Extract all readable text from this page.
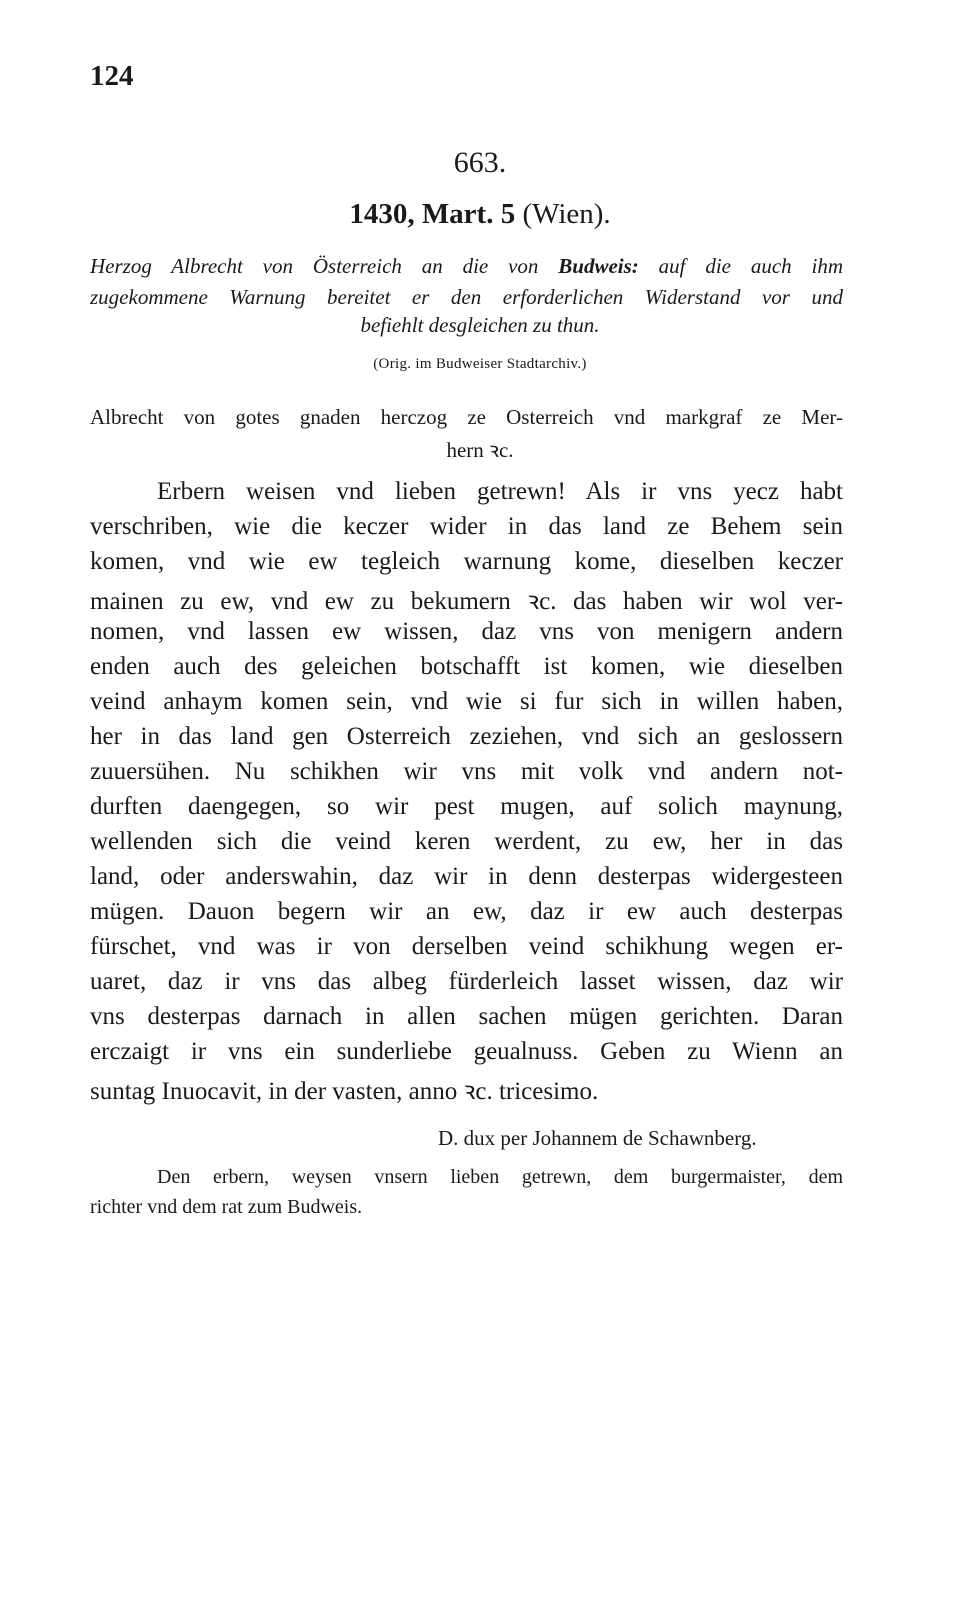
124
663.
1430, Mart. 5 (Wien).
Herzog Albrecht von Österreich an die von Budweis: auf die auch ihm
zugekommene Warnung bereitet er den erforderlichen Widerstand vor und
befiehlt desgleichen zu thun.
(Orig. im Budweiser Stadtarchiv.)
Albrecht von gotes gnaden herczog ze Osterreich vnd markgraf ze Mer-
hern ꝛc.
Erbern weisen vnd lieben getrewn! Als ir vns yecz habt
verschriben, wie die keczer wider in das land ze Behem sein
komen, vnd wie ew tegleich warnung kome, dieselben keczer
mainen zu ew, vnd ew zu bekumern ꝛc. das haben wir wol ver-
nomen, vnd lassen ew wissen, daz vns von menigern andern
enden auch des geleichen botschafft ist komen, wie dieselben
veind anhaym komen sein, vnd wie si fur sich in willen haben,
her in das land gen Osterreich zeziehen, vnd sich an geslossern
zuuersühen. Nu schikhen wir vns mit volk vnd andern not-
durften daengegen, so wir pest mugen, auf solich maynung,
wellenden sich die veind keren werdent, zu ew, her in das
land, oder anderswahin, daz wir in denn desterpas widergesteen
mügen. Dauon begern wir an ew, daz ir ew auch desterpas
fürschet, vnd was ir von derselben veind schikhung wegen er-
uaret, daz ir vns das albeg fürderleich lasset wissen, daz wir
vns desterpas darnach in allen sachen mügen gerichten. Daran
erczaigt ir vns ein sunderliebe geualnuss. Geben zu Wienn an
suntag Inuocavit, in der vasten, anno ꝛc. tricesimo.
D. dux per Johannem de Schawnberg.
Den erbern, weysen vnsern lieben getrewn, dem burgermaister, dem
richter vnd dem rat zum Budweis.
